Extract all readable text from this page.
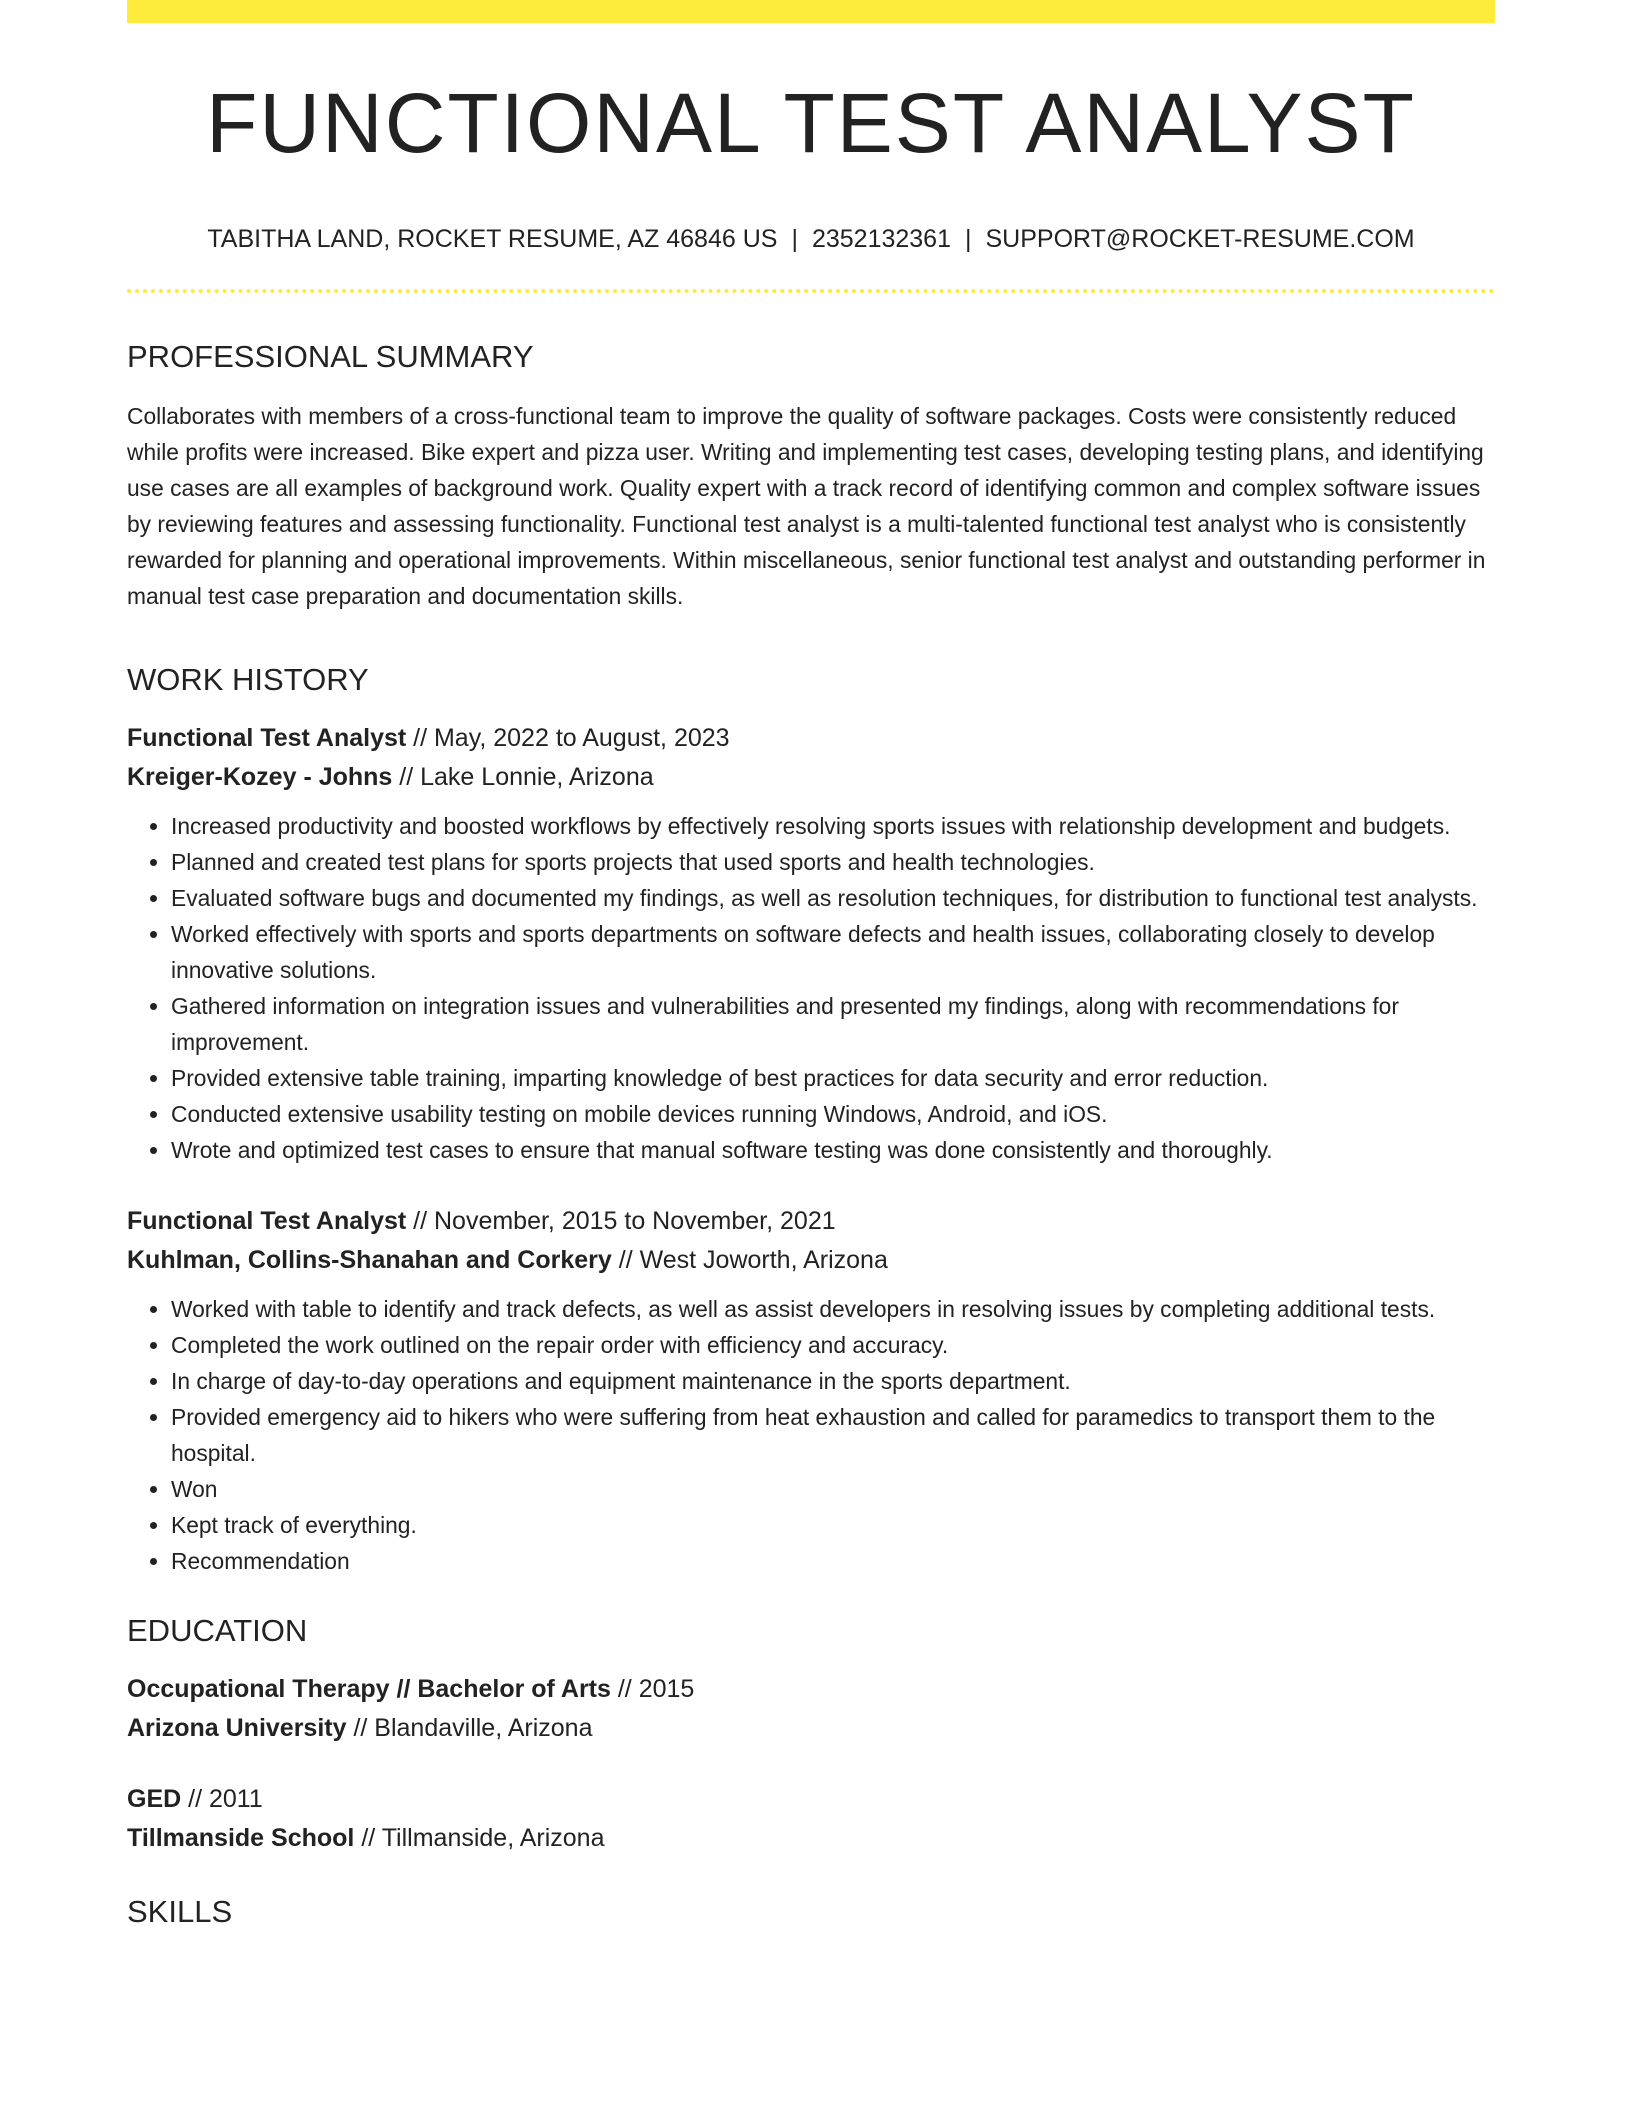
FUNCTIONAL TEST ANALYST
TABITHA LAND, ROCKET RESUME, AZ 46846 US | 2352132361 | SUPPORT@ROCKET-RESUME.COM
PROFESSIONAL SUMMARY

Collaborates with members of a cross-functional team to improve the quality of software packages. Costs were consistently reduced while profits were increased. Bike expert and pizza user. Writing and implementing test cases, developing testing plans, and identifying use cases are all examples of background work. Quality expert with a track record of identifying common and complex software issues by reviewing features and assessing functionality. Functional test analyst is a multi-talented functional test analyst who is consistently rewarded for planning and operational improvements. Within miscellaneous, senior functional test analyst and outstanding performer in manual test case preparation and documentation skills.

WORK HISTORY
Functional Test Analyst // May, 2022 to August, 2023
Kreiger-Kozey - Johns // Lake Lonnie, Arizona
• Increased productivity and boosted workflows by effectively resolving sports issues with relationship development and budgets.
• Planned and created test plans for sports projects that used sports and health technologies.
• Evaluated software bugs and documented my findings, as well as resolution techniques, for distribution to functional test analysts.
• Worked effectively with sports and sports departments on software defects and health issues, collaborating closely to develop innovative solutions.
• Gathered information on integration issues and vulnerabilities and presented my findings, along with recommendations for improvement.
• Provided extensive table training, imparting knowledge of best practices for data security and error reduction.
• Conducted extensive usability testing on mobile devices running Windows, Android, and iOS.
• Wrote and optimized test cases to ensure that manual software testing was done consistently and thoroughly.
Functional Test Analyst // November, 2015 to November, 2021
Kuhlman, Collins-Shanahan and Corkery // West Joworth, Arizona
• Worked with table to identify and track defects, as well as assist developers in resolving issues by completing additional tests.
• Completed the work outlined on the repair order with efficiency and accuracy.
• In charge of day-to-day operations and equipment maintenance in the sports department.
• Provided emergency aid to hikers who were suffering from heat exhaustion and called for paramedics to transport them to the hospital.
• Won
• Kept track of everything.
• Recommendation
EDUCATION
Occupational Therapy // Bachelor of Arts // 2015
Arizona University // Blandaville, Arizona
GED // 2011
Tillmanside School // Tillmanside, Arizona
SKILLS
